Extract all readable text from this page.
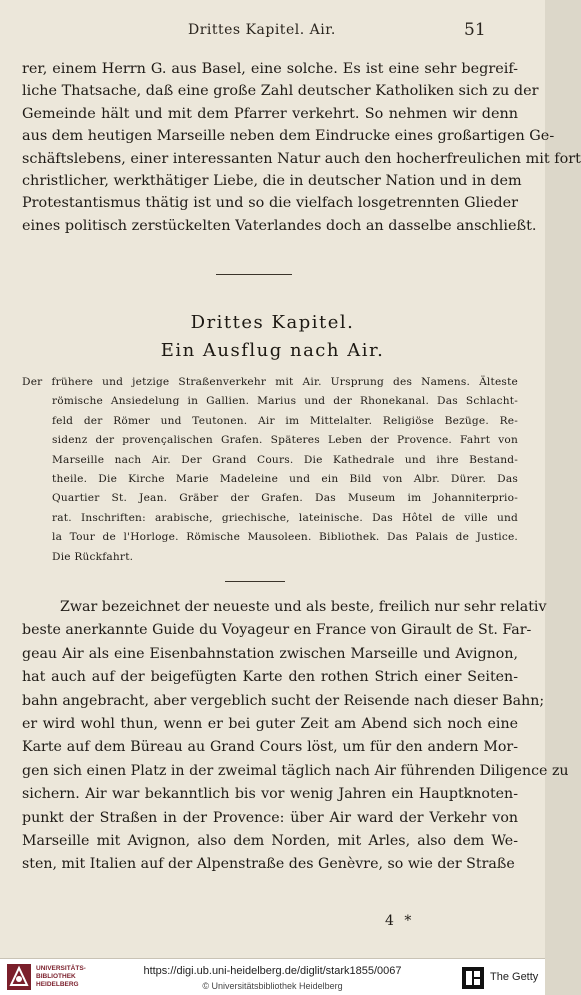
Drittes Kapitel. Air.	51
rer, einem Herrn G. aus Basel, eine solche. Es ist eine sehr begreif-
liche Thatsache, daß eine große Zahl deutscher Katholiken sich zu der
Gemeinde hält und mit dem Pfarrer verkehrt. So nehmen wir denn
aus dem heutigen Marseille neben dem Eindrucke eines großartigen Ge-
schäftslebens, einer interessanten Natur auch den hocherfreulichen mit fort
christlicher, werkthätiger Liebe, die in deutscher Nation und in dem
Protestantismus thätig ist und so die vielfach losgetrennten Glieder
eines politisch zerstückelten Vaterlandes doch an dasselbe anschließt.
Drittes Kapitel.
Ein Ausflug nach Air.
Der frühere und jetzige Straßenverkehr mit Air. Ursprung des Namens. Älteste
römische Ansiedelung in Gallien. Marius und der Rhonekanal. Das Schlacht-
feld der Römer und Teutonen. Air im Mittelalter. Religiöse Bezüge. Re-
sidenz der provençalischen Grafen. Späteres Leben der Provence. Fahrt von
Marseille nach Air. Der Grand Cours. Die Kathedrale und ihre Bestand-
theile. Die Kirche Marie Madeleine und ein Bild von Albr. Dürer. Das
Quartier St. Jean. Gräber der Grafen. Das Museum im Johanniterprio-
rat. Inschriften: arabische, griechische, lateinische. Das Hôtel de ville und
la Tour de l'Horloge. Römische Mausoleen. Bibliothek. Das Palais de Justice.
Die Rückfahrt.
Zwar bezeichnet der neueste und als beste, freilich nur sehr relativ
beste anerkannte Guide du Voyageur en France von Girault de St. Far-
geau Air als eine Eisenbahnstation zwischen Marseille und Avignon,
hat auch auf der beigefügten Karte den rothen Strich einer Seiten-
bahn angebracht, aber vergeblich sucht der Reisende nach dieser Bahn;
er wird wohl thun, wenn er bei guter Zeit am Abend sich noch eine
Karte auf dem Büreau au Grand Cours löst, um für den andern Mor-
gen sich einen Platz in der zweimal täglich nach Air führenden Diligence zu
sichern. Air war bekanntlich bis vor wenig Jahren ein Hauptknoten-
punkt der Straßen in der Provence: über Air ward der Verkehr von
Marseille mit Avignon, also dem Norden, mit Arles, also dem We-
sten, mit Italien auf der Alpenstraße des Genèvre, so wie der Straße
4 *
UNIVERSITÄTS-
BIBLIOTHEK
HEIDELBERG
https://digi.ub.uni-heidelberg.de/diglit/stark1855/0067
© Universitätsbibliothek Heidelberg
The Getty
